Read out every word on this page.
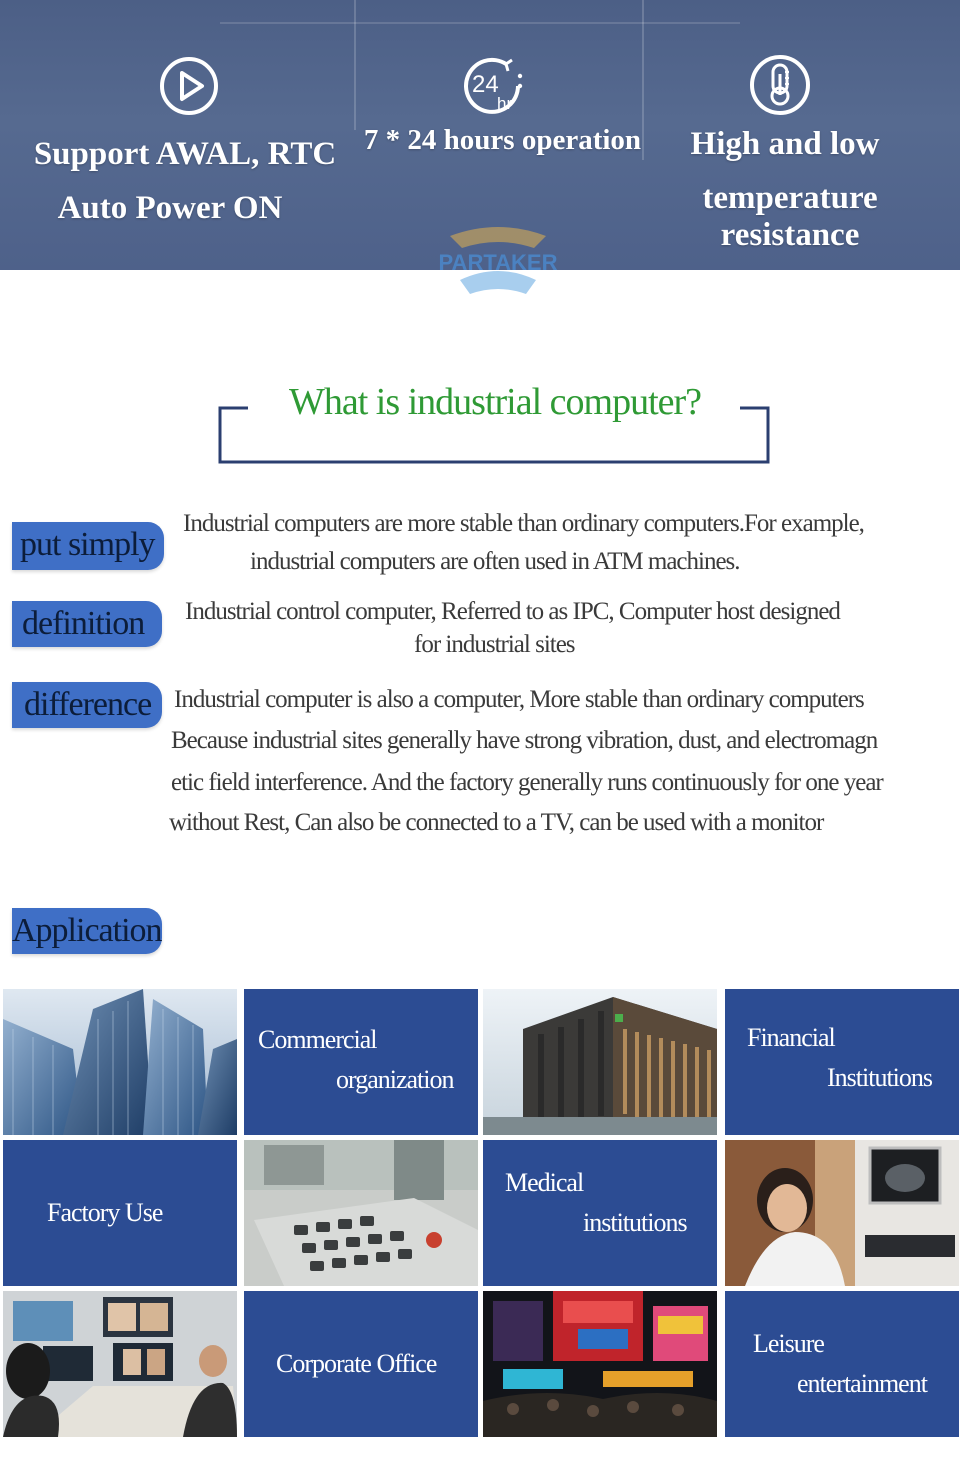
Support AWAL, RTC
Auto Power ON
24
hr
7 * 24 hours operation	High and low
temperature resistance
PARTAKER
What is industrial computer?
put simply
Industrial computers are more stable than ordinary computers.For example,
industrial computers are often used in ATM machines.
definition	Industrial control computer, Referred to as IPC, Computer host designed
for industrial sites
difference Industrial computer is also a computer, More stable than ordinary computers
Because industrial sites generally have strong vibration, dust, and electromagn
etic field interference. And the factory generally runs continuously for one year
without Rest, Can also be connected to a TV, can be used with a monitor
Application
Commercial
organization
Financial
Institutions
Factory Use
Medical
institutions
Corporate Office
Leisure
entertainment
